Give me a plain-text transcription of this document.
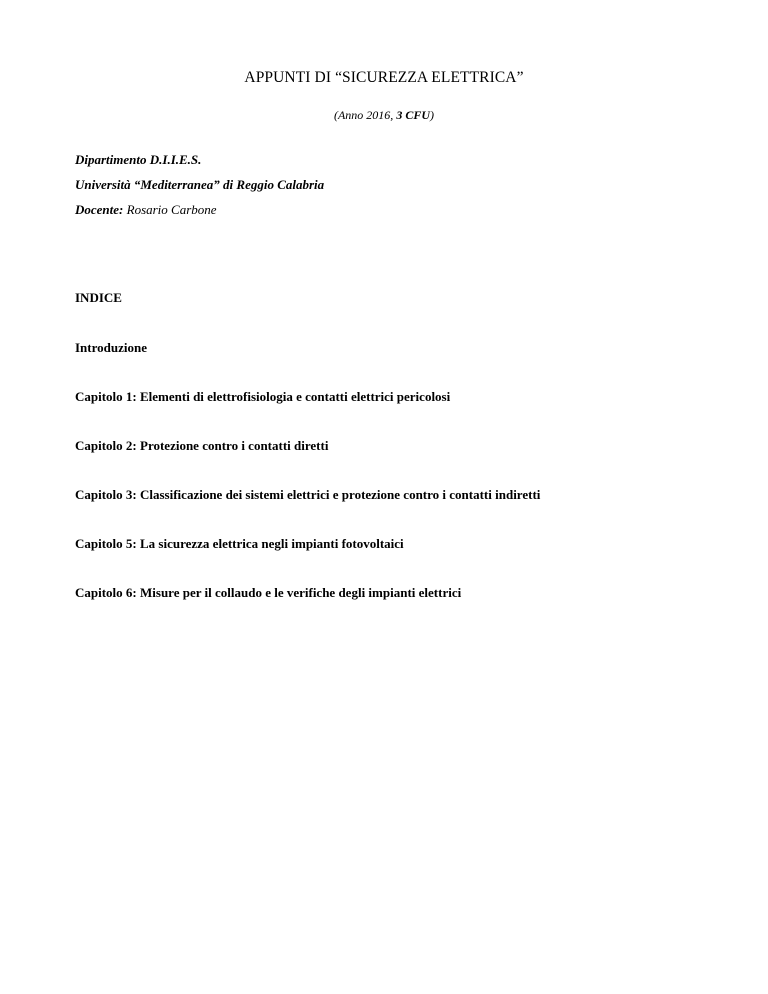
APPUNTI DI “SICUREZZA ELETTRICA”
(Anno 2016, 3 CFU)
Dipartimento D.I.I.E.S.
Università “Mediterranea” di Reggio Calabria
Docente: Rosario Carbone
INDICE
Introduzione
Capitolo 1: Elementi di elettrofisiologia e contatti elettrici pericolosi
Capitolo 2: Protezione contro i contatti diretti
Capitolo 3: Classificazione dei sistemi elettrici e protezione contro i contatti indiretti
Capitolo 5: La sicurezza elettrica negli impianti fotovoltaici
Capitolo 6: Misure per il collaudo e le verifiche degli impianti elettrici
